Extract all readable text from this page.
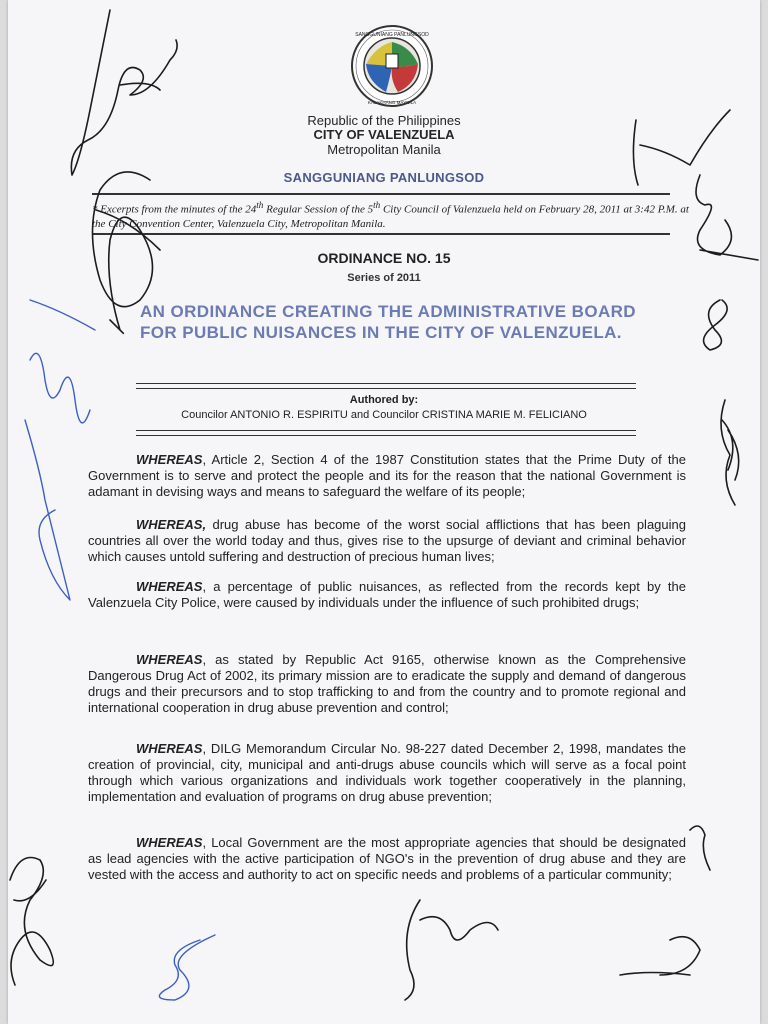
SANGGUNIANG PANLUNGSOD
KALAKHANG MAYNILA
Republic of the Philippines
CITY OF VALENZUELA
Metropolitan Manila
SANGGUNIANG PANLUNGSOD
* Excerpts from the minutes of the 24th Regular Session of the 5th City Council of Valenzuela held on February 28, 2011 at 3:42 P.M. at the City Convention Center, Valenzuela City, Metropolitan Manila.
ORDINANCE NO. 15
Series of 2011
AN ORDINANCE CREATING THE ADMINISTRATIVE BOARD FOR PUBLIC NUISANCES IN THE CITY OF VALENZUELA.
Authored by:
Councilor ANTONIO R. ESPIRITU and Councilor CRISTINA MARIE M. FELICIANO
WHEREAS, Article 2, Section 4 of the 1987 Constitution states that the Prime Duty of the Government is to serve and protect the people and its for the reason that the national Government is adamant in devising ways and means to safeguard the welfare of its people;
WHEREAS, drug abuse has become of the worst social afflictions that has been plaguing countries all over the world today and thus, gives rise to the upsurge of deviant and criminal behavior which causes untold suffering and destruction of precious human lives;
WHEREAS, a percentage of public nuisances, as reflected from the records kept by the Valenzuela City Police, were caused by individuals under the influence of such prohibited drugs;
WHEREAS, as stated by Republic Act 9165, otherwise known as the Comprehensive Dangerous Drug Act of 2002, its primary mission are to eradicate the supply and demand of dangerous drugs and their precursors and to stop trafficking to and from the country and to promote regional and international cooperation in drug abuse prevention and control;
WHEREAS, DILG Memorandum Circular No. 98-227 dated December 2, 1998, mandates the creation of provincial, city, municipal and anti-drugs abuse councils which will serve as a focal point through which various organizations and individuals work together cooperatively in the planning, implementation and evaluation of programs on drug abuse prevention;
WHEREAS, Local Government are the most appropriate agencies that should be designated as lead agencies with the active participation of NGO's in the prevention of drug abuse and they are vested with the access and authority to act on specific needs and problems of a particular community;
